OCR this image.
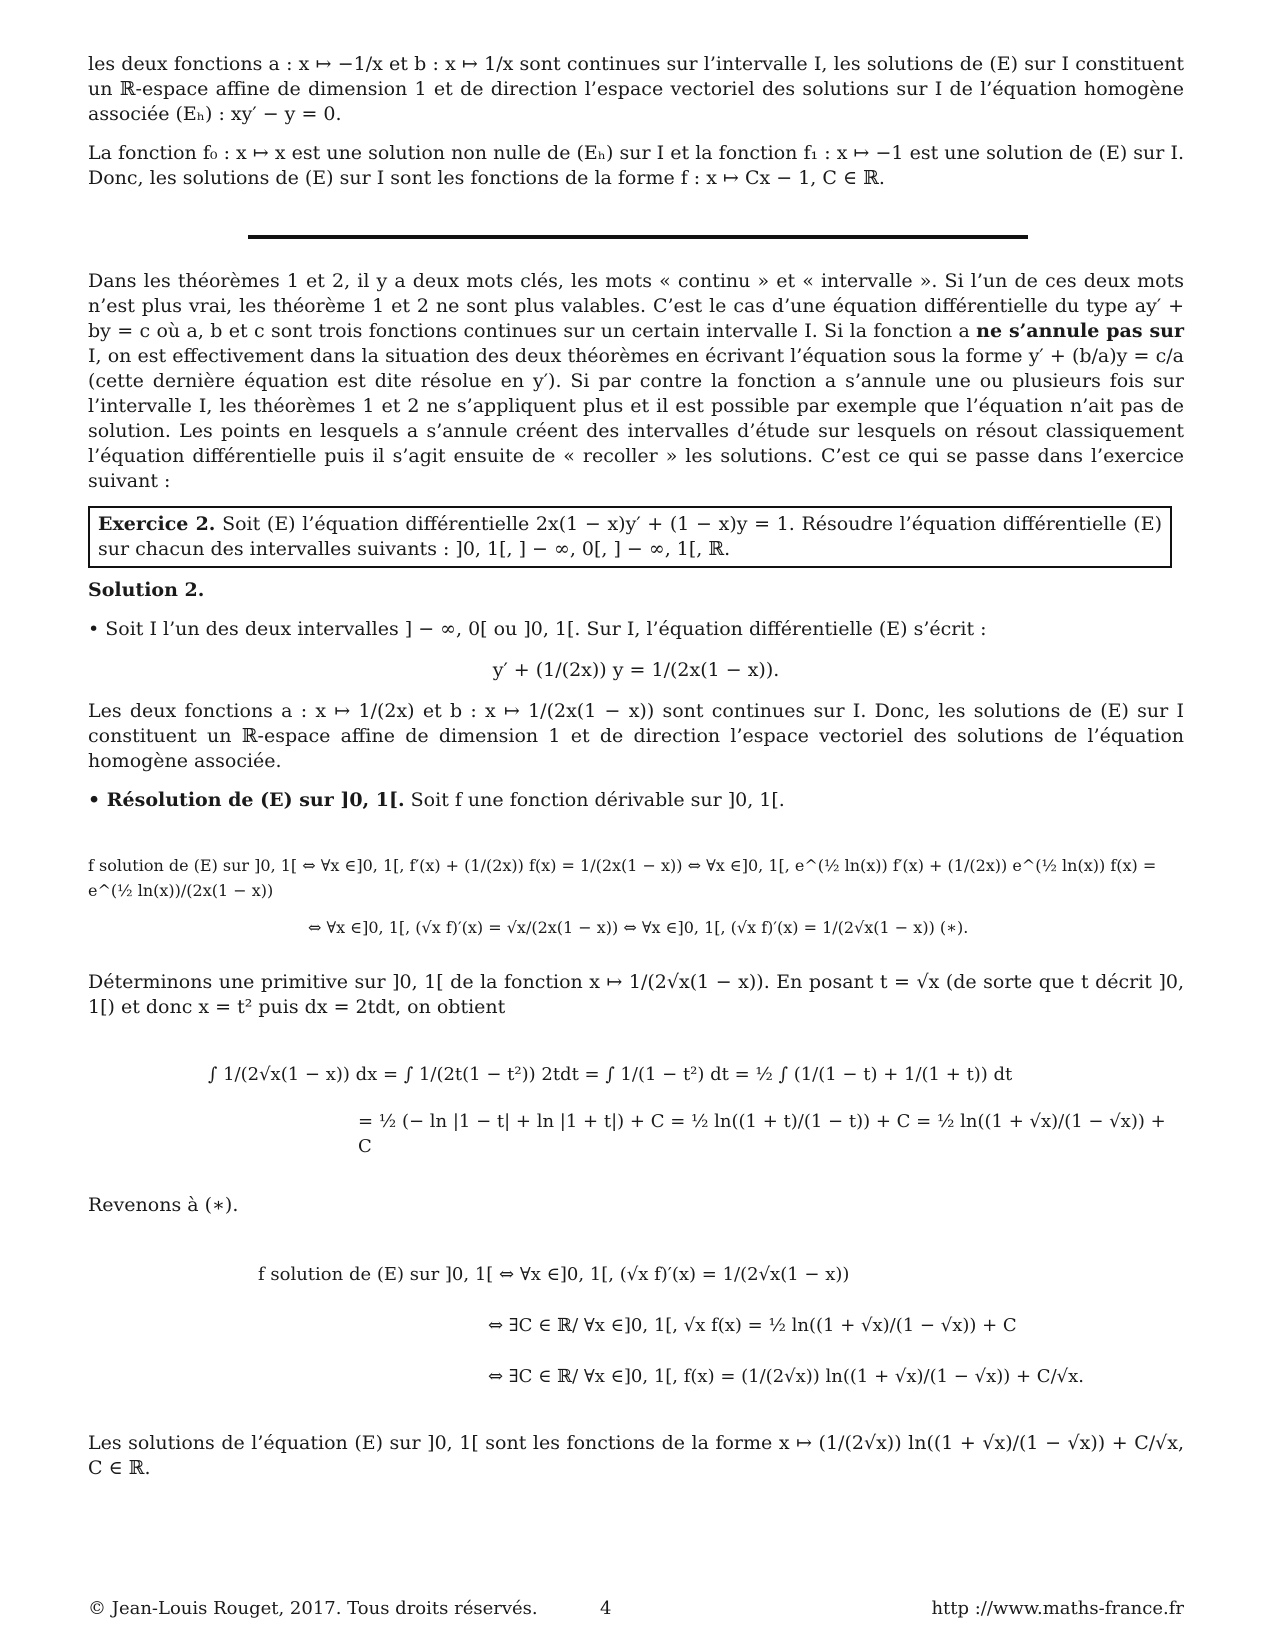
les deux fonctions a : x ↦ −1/x et b : x ↦ 1/x sont continues sur l’intervalle I, les solutions de (E) sur I constituent un ℝ-espace affine de dimension 1 et de direction l’espace vectoriel des solutions sur I de l’équation homogène associée (Eₕ) : xy′ − y = 0.

La fonction f₀ : x ↦ x est une solution non nulle de (Eₕ) sur I et la fonction f₁ : x ↦ −1 est une solution de (E) sur I. Donc, les solutions de (E) sur I sont les fonctions de la forme f : x ↦ Cx − 1, C ∈ ℝ.

Dans les théorèmes 1 et 2, il y a deux mots clés, les mots « continu » et « intervalle ». Si l’un de ces deux mots n’est plus vrai, les théorème 1 et 2 ne sont plus valables. C’est le cas d’une équation différentielle du type ay′ + by = c où a, b et c sont trois fonctions continues sur un certain intervalle I. Si la fonction a ne s’annule pas sur I, on est effectivement dans la situation des deux théorèmes en écrivant l’équation sous la forme y′ + (b/a)y = c/a (cette dernière équation est dite résolue en y′). Si par contre la fonction a s’annule une ou plusieurs fois sur l’intervalle I, les théorèmes 1 et 2 ne s’appliquent plus et il est possible par exemple que l’équation n’ait pas de solution. Les points en lesquels a s’annule créent des intervalles d’étude sur lesquels on résout classiquement l’équation différentielle puis il s’agit ensuite de « recoller » les solutions. C’est ce qui se passe dans l’exercice suivant :

Exercice 2. Soit (E) l’équation différentielle 2x(1 − x)y′ + (1 − x)y = 1. Résoudre l’équation différentielle (E) sur chacun des intervalles suivants : ]0, 1[, ] − ∞, 0[, ] − ∞, 1[, ℝ.

Solution 2.

• Soit I l’un des deux intervalles ] − ∞, 0[ ou ]0, 1[. Sur I, l’équation différentielle (E) s’écrit :

y′ + (1/(2x)) y = 1/(2x(1 − x)).

Les deux fonctions a : x ↦ 1/(2x) et b : x ↦ 1/(2x(1 − x)) sont continues sur I. Donc, les solutions de (E) sur I constituent un ℝ-espace affine de dimension 1 et de direction l’espace vectoriel des solutions de l’équation homogène associée.

• Résolution de (E) sur ]0, 1[. Soit f une fonction dérivable sur ]0, 1[.

f solution de (E) sur ]0, 1[ ⇔ ∀x ∈]0, 1[, f′(x) + (1/(2x)) f(x) = 1/(2x(1 − x)) ⇔ ∀x ∈]0, 1[, e^(½ ln(x)) f′(x) + (1/(2x)) e^(½ ln(x)) f(x) = e^(½ ln(x))/(2x(1 − x))
⇔ ∀x ∈]0, 1[, (√x f)′(x) = √x/(2x(1 − x)) ⇔ ∀x ∈]0, 1[, (√x f)′(x) = 1/(2√x(1 − x)) (∗).

Déterminons une primitive sur ]0, 1[ de la fonction x ↦ 1/(2√x(1 − x)). En posant t = √x (de sorte que t décrit ]0, 1[) et donc x = t² puis dx = 2tdt, on obtient

∫ 1/(2√x(1 − x)) dx = ∫ 1/(2t(1 − t²)) 2tdt = ∫ 1/(1 − t²) dt = ½ ∫ (1/(1 − t) + 1/(1 + t)) dt
= ½ (− ln |1 − t| + ln |1 + t|) + C = ½ ln((1 + t)/(1 − t)) + C = ½ ln((1 + √x)/(1 − √x)) + C

Revenons à (∗).

f solution de (E) sur ]0, 1[ ⇔ ∀x ∈]0, 1[, (√x f)′(x) = 1/(2√x(1 − x))
⇔ ∃C ∈ ℝ/ ∀x ∈]0, 1[, √x f(x) = ½ ln((1 + √x)/(1 − √x)) + C
⇔ ∃C ∈ ℝ/ ∀x ∈]0, 1[, f(x) = (1/(2√x)) ln((1 + √x)/(1 − √x)) + C/√x.

Les solutions de l’équation (E) sur ]0, 1[ sont les fonctions de la forme x ↦ (1/(2√x)) ln((1 + √x)/(1 − √x)) + C/√x, C ∈ ℝ.

© Jean-Louis Rouget, 2017. Tous droits réservés.	4	http ://www.maths-france.fr
